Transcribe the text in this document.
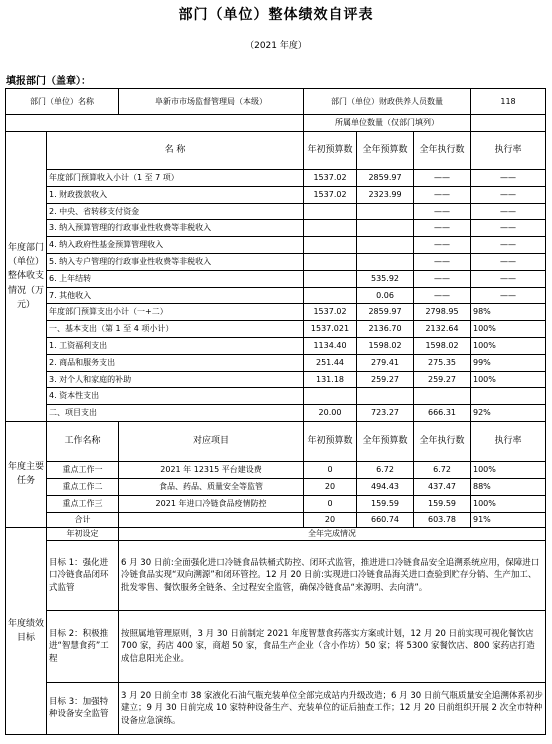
部门（单位）整体绩效自评表
（2021 年度）
填报部门（盖章）：
部门（单位）名称		阜新市市场监督管理局（本级）	部门（单位）财政供养人员数量			118
			所属单位数量（仅部门填列）			
年度部门（单位）整体收支情况（万元）	名 称		年初预算数	全年预算数	全年执行数	执行率
	年度部门预算收入小计（1 至 7 项）		1537.02	2859.97	——	——
	1. 财政拨款收入		1537.02	2323.99	——	——
	2. 中央、省转移支付资金				——	——
	3. 纳入预算管理的行政事业性收费等非税收入				——	——
	4. 纳入政府性基金预算管理收入				——	——
	5. 纳入专户管理的行政事业性收费等非税收入				——	——
	6. 上年结转			535.92	——	——
	7. 其他收入			0.06	——	——
	年度部门预算支出小计（一+二）		1537.02	2859.97	2798.95	98%
	一、基本支出（第 1 至 4 项小计）		1537.021	2136.70	2132.64	100%
	1. 工资福利支出		1134.40	1598.02	1598.02	100%
	2. 商品和服务支出		251.44	279.41	275.35	99%
	3. 对个人和家庭的补助		131.18	259.27	259.27	100%
	4. 资本性支出					
	二、项目支出		20.00	723.27	666.31	92%
年度主要任务	工作名称	对应项目	年初预算数	全年预算数	全年执行数	执行率
	重点工作一	2021 年 12315 平台建设费	0	6.72	6.72	100%
	重点工作二	食品、药品、质量安全等监管	20	494.43	437.47	88%
	重点工作三	2021 年进口冷链食品疫情防控	0	159.59	159.59	100%
	合计		20	660.74	603.78	91%
年度绩效目标	年初设定	全年完成情况				
	目标 1：强化进口冷链食品闭环式监管	6 月 30 日前:全面强化进口冷链食品铁桶式防控、闭环式监管，推进进口冷链食品安全追溯系统应用，保障进口冷链食品实现“双向溯源”和闭环管控。12 月 20 日前:实现进口冷链食品海关进口查验到贮存分销、生产加工、批发零售、餐饮服务全链条、全过程安全监管，确保冷链食品“来源明、去向清”。				
	目标 2：积极推进“智慧食药”工程	按照属地管理原则，3 月 30 日前制定 2021 年度智慧食药落实方案或计划，12 月 20 日前实现可视化餐饮店 700 家，药店 400 家，商超 50 家，食品生产企业（含小作坊）50 家；将 5300 家餐饮店、800 家药店打造成信息阳光企业。				
	目标 3：加强特种设备安全监管	3 月 20 日前全市 38 家液化石油气瓶充装单位全部完成站内升级改造；6 月 30 日前气瓶质量安全追溯体系初步建立；9 月 30 日前完成 10 家特种设备生产、充装单位的证后抽查工作；12 月 20 日前组织开展 2 次全市特种设备应急演练。				
